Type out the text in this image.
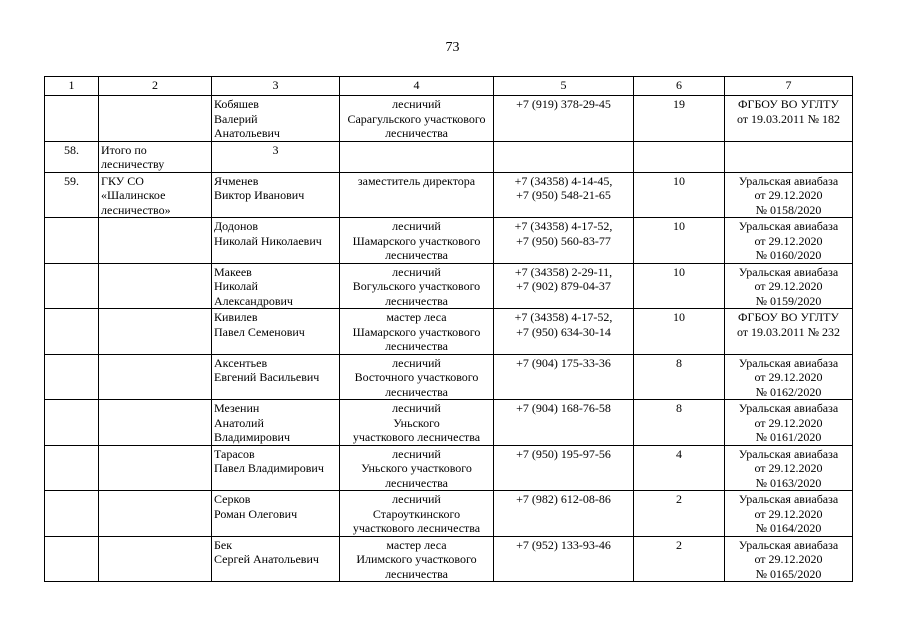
73
1	2	3	4	5	6	7

		Кобяшев
Валерий
Анатольевич	лесничий
Сарагульского участкового
лесничества	+7 (919) 378-29-45	19	ФГБОУ ВО УГЛТУ
от 19.03.2011 № 182

58.	Итого по
лесничеству	3				

59.	ГКУ СО
«Шалинское
лесничество»	Ячменев
Виктор Иванович	заместитель директора	+7 (34358) 4-14-45,
+7 (950) 548-21-65	10	Уральская авиабаза
от 29.12.2020
№ 0158/2020

		Додонов
Николай Николаевич	лесничий
Шамарского участкового
лесничества	+7 (34358) 4-17-52,
+7 (950) 560-83-77	10	Уральская авиабаза
от 29.12.2020
№ 0160/2020

		Макеев
Николай
Александрович	лесничий
Вогульского участкового
лесничества	+7 (34358) 2-29-11,
+7 (902) 879-04-37	10	Уральская авиабаза
от 29.12.2020
№ 0159/2020

		Кивилев
Павел Семенович	мастер леса
Шамарского участкового
лесничества	+7 (34358) 4-17-52,
+7 (950) 634-30-14	10	ФГБОУ ВО УГЛТУ
от 19.03.2011 № 232

		Аксентьев
Евгений Васильевич	лесничий
Восточного участкового
лесничества	+7 (904) 175-33-36	8	Уральская авиабаза
от 29.12.2020
№ 0162/2020

		Мезенин
Анатолий
Владимирович	лесничий
Уньского
участкового лесничества	+7 (904) 168-76-58	8	Уральская авиабаза
от 29.12.2020
№ 0161/2020

		Тарасов
Павел Владимирович	лесничий
Уньского участкового
лесничества	+7 (950) 195-97-56	4	Уральская авиабаза
от 29.12.2020
№ 0163/2020

		Серков
Роман Олегович	лесничий
Староуткинского
участкового лесничества	+7 (982) 612-08-86	2	Уральская авиабаза
от 29.12.2020
№ 0164/2020

		Бек
Сергей Анатольевич	мастер леса
Илимского участкового
лесничества	+7 (952) 133-93-46	2	Уральская авиабаза
от 29.12.2020
№ 0165/2020
